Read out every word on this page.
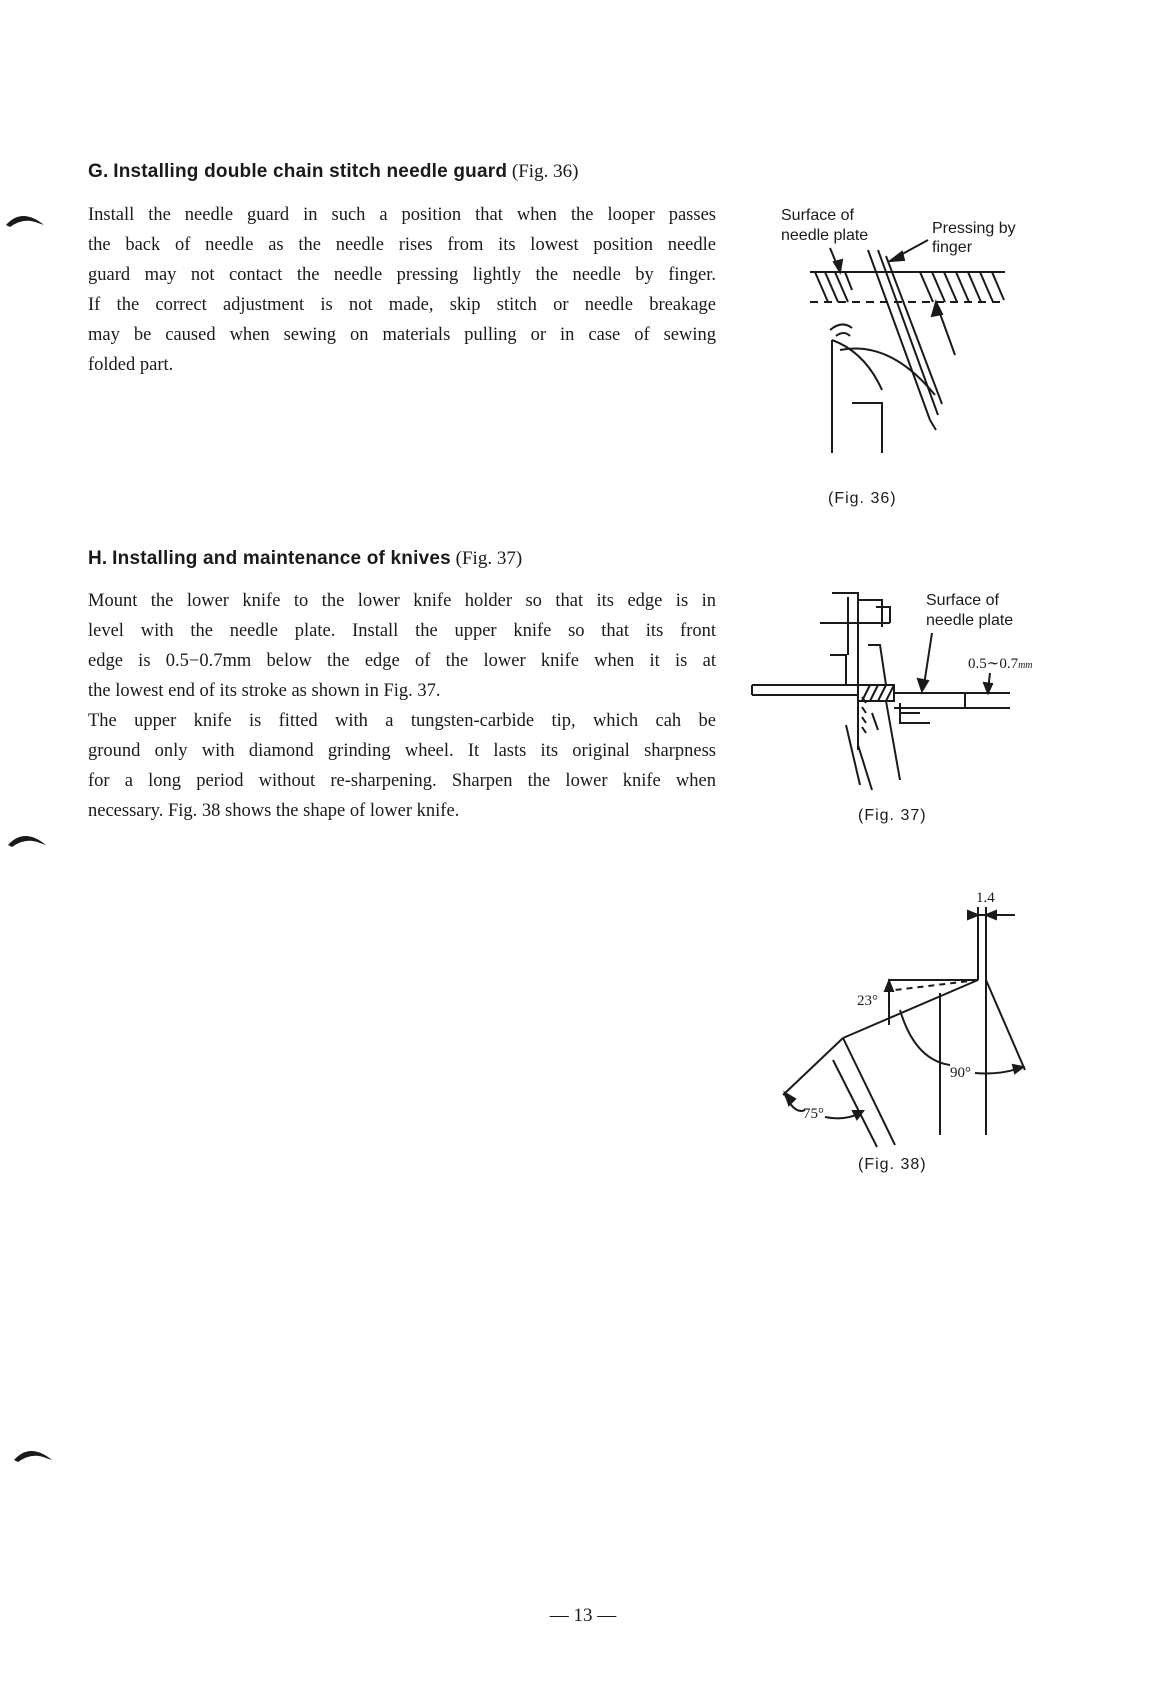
G. Installing double chain stitch needle guard (Fig. 36)

Install the needle guard in such a position that when the looper passes
the back of needle as the needle rises from its lowest position needle
guard may not contact the needle pressing lightly the needle by finger.
If the correct adjustment is not made, skip stitch or needle breakage
may be caused when sewing on materials pulling or in case of sewing
folded part.

H. Installing and maintenance of knives (Fig. 37)

Mount the lower knife to the lower knife holder so that its edge is in
level with the needle plate. Install the upper knife so that its front
edge is 0.5−0.7mm below the edge of the lower knife when it is at
the lowest end of its stroke as shown in Fig. 37.
The upper knife is fitted with a tungsten-carbide tip, which cah be
ground only with diamond grinding wheel. It lasts its original sharpness
for a long period without re-sharpening. Sharpen the lower knife when
necessary. Fig. 38 shows the shape of lower knife.

Surface of
needle plate	Pressing by
finger
(Fig. 36)
Surface of
needle plate
0.5∼0.7mm
(Fig. 37)
1.4
23°
90°
75°
(Fig. 38)
— 13 —
